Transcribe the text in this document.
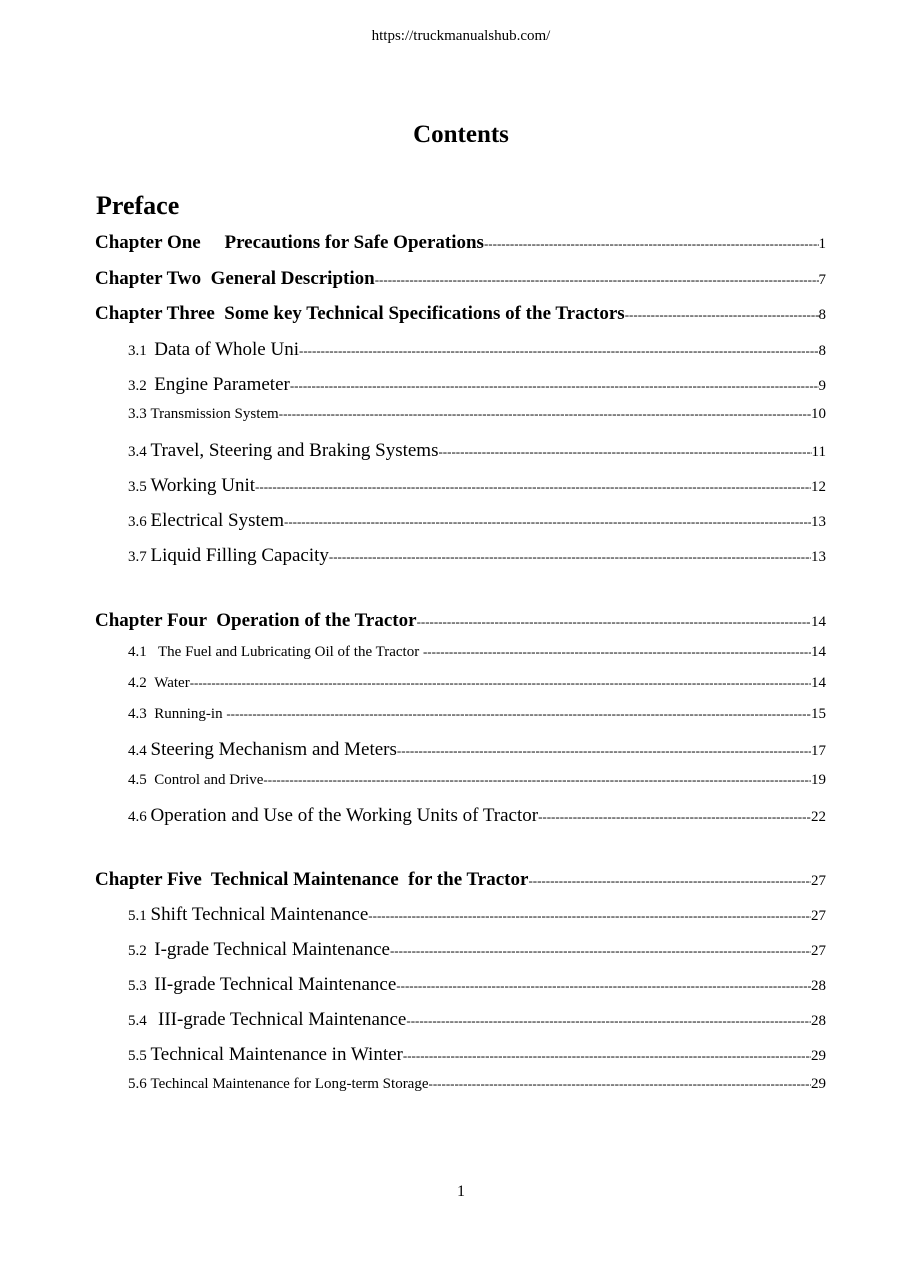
https://truckmanualshub.com/
Contents
Preface
Chapter One     Precautions for Safe Operations -----	1
Chapter Two  General Description -----	7
Chapter Three  Some key Technical Specifications of the Tractors -----	8
3.1 Data of Whole Uni -----	8
3.2 Engine Parameter -----	9
3.3 Transmission System -----	10
3.4 Travel, Steering and Braking Systems -----	11
3.5 Working Unit -----	12
3.6 Electrical System -----	13
3.7 Liquid Filling Capacity -----	13
Chapter Four  Operation of the Tractor -----	14
4.1 The Fuel and Lubricating Oil of the Tractor -----	14
4.2 Water -----	14
4.3 Running-in -----	15
4.4 Steering Mechanism and Meters -----	17
4.5 Control and Drive -----	19
4.6 Operation and Use of the Working Units of Tractor -----	22
Chapter Five  Technical Maintenance  for the Tractor -----	27
5.1 Shift Technical Maintenance -----	27
5.2 I-grade Technical Maintenance -----	27
5.3 II-grade Technical Maintenance -----	28
5.4 III-grade Technical Maintenance -----	28
5.5 Technical Maintenance in Winter -----	29
5.6 Techincal Maintenance for Long-term Storage -----	29
1
